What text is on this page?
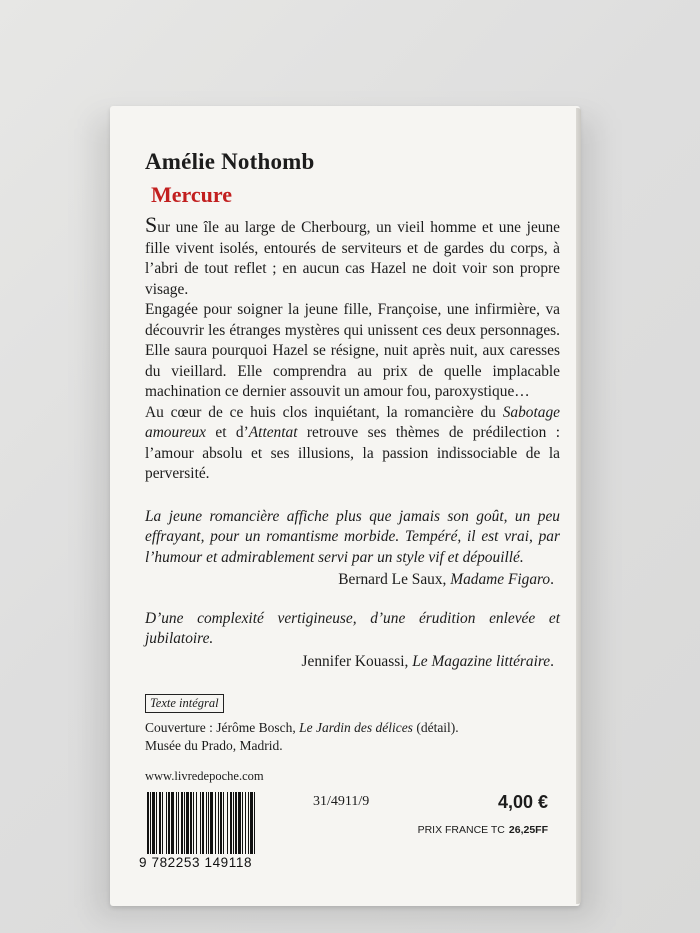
Amélie Nothomb
Mercure

Sur une île au large de Cherbourg, un vieil homme et une jeune fille vivent isolés, entourés de serviteurs et de gardes du corps, à l’abri de tout reflet ; en aucun cas Hazel ne doit voir son propre visage.

Engagée pour soigner la jeune fille, Françoise, une infirmière, va découvrir les étranges mystères qui unissent ces deux personnages. Elle saura pourquoi Hazel se résigne, nuit après nuit, aux caresses du vieillard. Elle comprendra au prix de quelle implacable machination ce dernier assouvit un amour fou, paroxystique…

Au cœur de ce huis clos inquiétant, la romancière du Sabotage amoureux et d’Attentat retrouve ses thèmes de prédilection : l’amour absolu et ses illusions, la passion indissociable de la perversité.

La jeune romancière affiche plus que jamais son goût, un peu effrayant, pour un romantisme morbide. Tempéré, il est vrai, par l’humour et admirablement servi par un style vif et dépouillé.

Bernard Le Saux, Madame Figaro.

D’une complexité vertigineuse, d’une érudition enlevée et jubilatoire.

Jennifer Kouassi, Le Magazine littéraire.

Texte intégral
Couverture : Jérôme Bosch, Le Jardin des délices (détail).
Musée du Prado, Madrid.
www.livredepoche.com
9 782253 149118
31/4911/9	4,00 €
PRIX FRANCE TC 26,25FF
